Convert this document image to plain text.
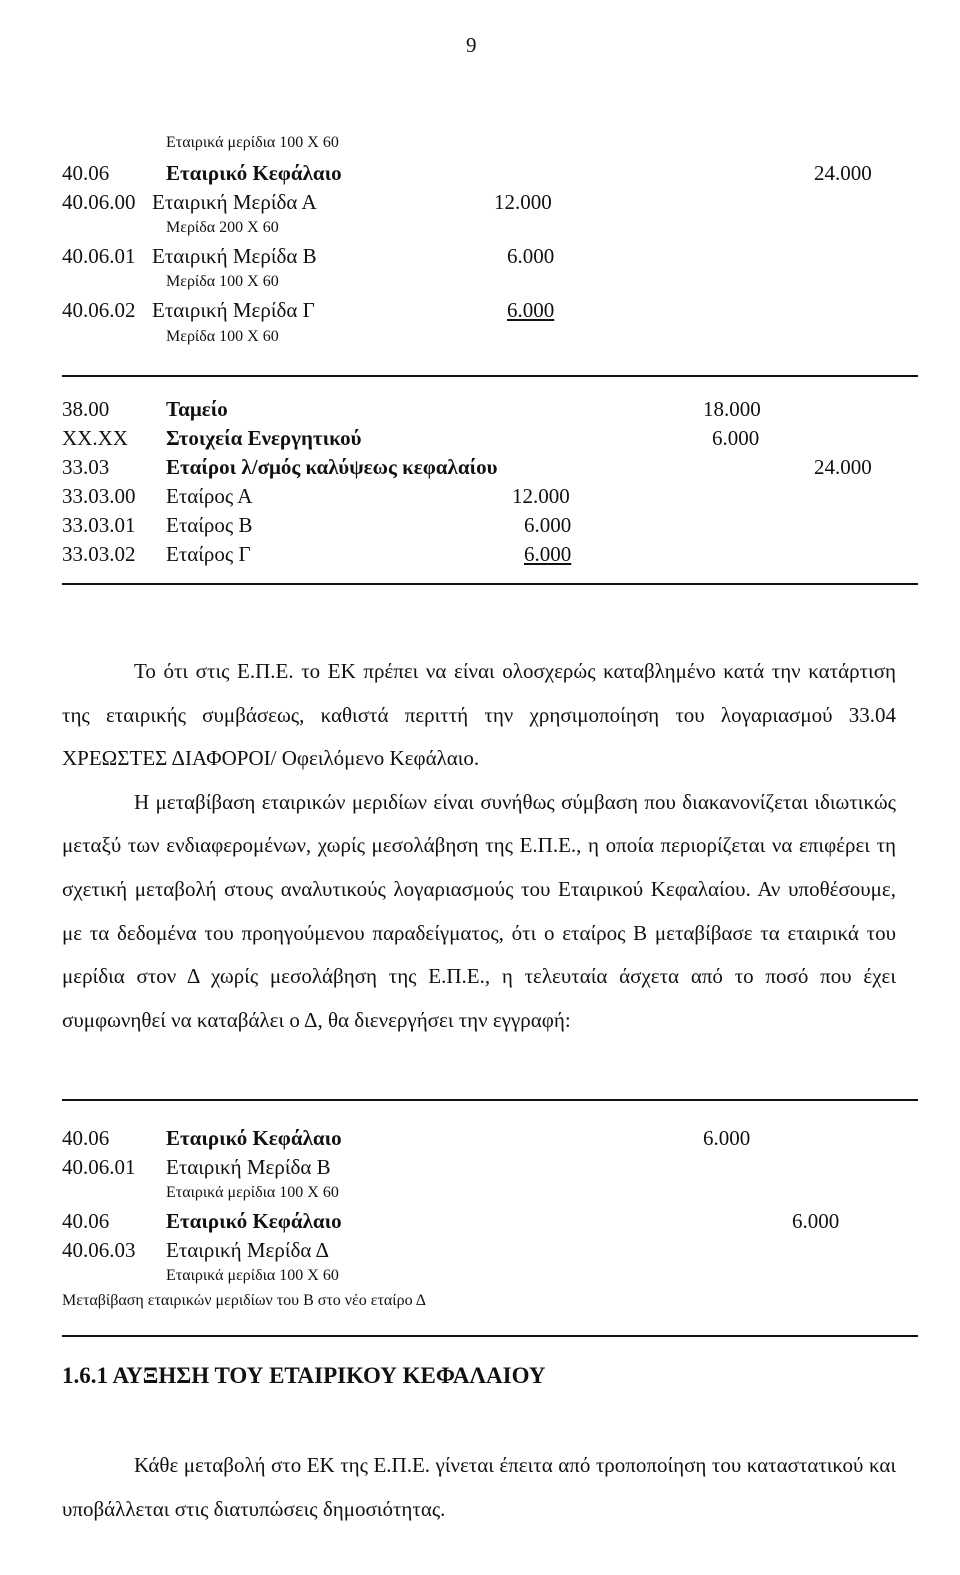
9
Εταιρικά μερίδια 100 Χ 60
40.06	Εταιρικό Κεφάλαιο	24.000
40.06.00 Εταιρική Μερίδα Α	12.000
Μερίδα 200 Χ 60
40.06.01 Εταιρική Μερίδα Β	6.000
Μερίδα 100 Χ 60
40.06.02 Εταιρική Μερίδα Γ	6.000
Μερίδα 100 Χ 60
38.00	Ταμείο	18.000
XX.XX Στοιχεία Ενεργητικού	6.000
33.03	Εταίροι λ/σμός καλύψεως κεφαλαίου	24.000
33.03.00 Εταίρος Α	12.000
33.03.01 Εταίρος Β	6.000
33.03.02 Εταίρος Γ	6.000

Το ότι στις Ε.Π.Ε. το ΕΚ πρέπει να είναι ολοσχερώς καταβλημένο κατά την κατάρτιση της εταιρικής συμβάσεως, καθιστά περιττή την χρησιμοποίηση του λογαριασμού 33.04 ΧΡΕΩΣΤΕΣ ΔΙΑΦΟΡΟΙ/ Οφειλόμενο Κεφάλαιο.

Η μεταβίβαση εταιρικών μεριδίων είναι συνήθως σύμβαση που διακανονίζεται ιδιωτικώς μεταξύ των ενδιαφερομένων, χωρίς μεσολάβηση της Ε.Π.Ε., η οποία περιορίζεται να επιφέρει τη σχετική μεταβολή στους αναλυτικούς λογαριασμούς του Εταιρικού Κεφαλαίου. Αν υποθέσουμε, με τα δεδομένα του προηγούμενου παραδείγματος, ότι ο εταίρος Β μεταβίβασε τα εταιρικά του μερίδια στον Δ χωρίς μεσολάβηση της Ε.Π.Ε., η τελευταία άσχετα από το ποσό που έχει συμφωνηθεί να καταβάλει ο Δ, θα διενεργήσει την εγγραφή:

40.06	Εταιρικό Κεφάλαιο	6.000
40.06.01 Εταιρική Μερίδα Β
Εταιρικά μερίδια 100 Χ 60
40.06	Εταιρικό Κεφάλαιο	6.000
40.06.03 Εταιρική Μερίδα Δ
Εταιρικά μερίδια 100 Χ 60
Μεταβίβαση εταιρικών μεριδίων του Β στο νέο εταίρο Δ
1.6.1 ΑΥΞΗΣΗ ΤΟΥ ΕΤΑΙΡΙΚΟΥ ΚΕΦΑΛΑΙΟΥ

Κάθε μεταβολή στο ΕΚ της Ε.Π.Ε. γίνεται έπειτα από τροποποίηση του καταστατικού και υποβάλλεται στις διατυπώσεις δημοσιότητας.
